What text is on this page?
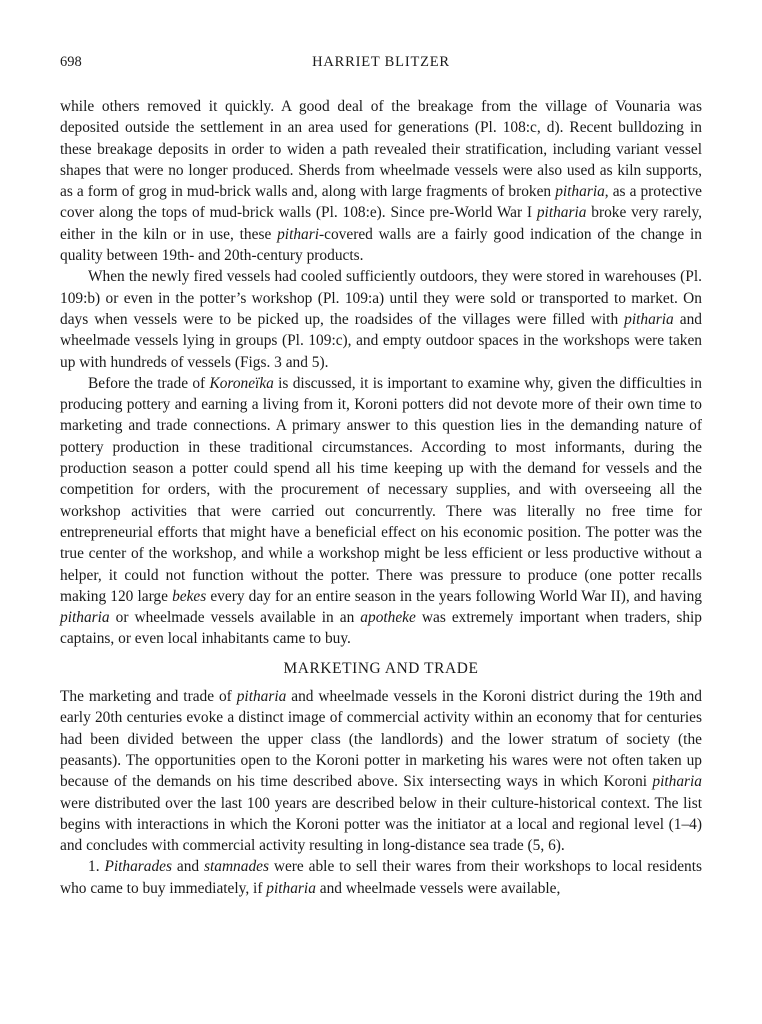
698	HARRIET BLITZER

while others removed it quickly. A good deal of the breakage from the village of Vounaria was deposited outside the settlement in an area used for generations (Pl. 108:c, d). Recent bulldozing in these breakage deposits in order to widen a path revealed their stratification, including variant vessel shapes that were no longer produced. Sherds from wheelmade vessels were also used as kiln supports, as a form of grog in mud-brick walls and, along with large fragments of broken pitharia, as a protective cover along the tops of mud-brick walls (Pl. 108:e). Since pre-World War I pitharia broke very rarely, either in the kiln or in use, these pithari-covered walls are a fairly good indication of the change in quality between 19th- and 20th-century products.

When the newly fired vessels had cooled sufficiently outdoors, they were stored in warehouses (Pl. 109:b) or even in the potter’s workshop (Pl. 109:a) until they were sold or transported to market. On days when vessels were to be picked up, the roadsides of the villages were filled with pitharia and wheelmade vessels lying in groups (Pl. 109:c), and empty outdoor spaces in the workshops were taken up with hundreds of vessels (Figs. 3 and 5).

Before the trade of Koroneïka is discussed, it is important to examine why, given the difficulties in producing pottery and earning a living from it, Koroni potters did not devote more of their own time to marketing and trade connections. A primary answer to this question lies in the demanding nature of pottery production in these traditional circumstances. According to most informants, during the production season a potter could spend all his time keeping up with the demand for vessels and the competition for orders, with the procurement of necessary supplies, and with overseeing all the workshop activities that were carried out concurrently. There was literally no free time for entrepreneurial efforts that might have a beneficial effect on his economic position. The potter was the true center of the workshop, and while a workshop might be less efficient or less productive without a helper, it could not function without the potter. There was pressure to produce (one potter recalls making 120 large bekes every day for an entire season in the years following World War II), and having pitharia or wheelmade vessels available in an apotheke was extremely important when traders, ship captains, or even local inhabitants came to buy.

MARKETING AND TRADE

The marketing and trade of pitharia and wheelmade vessels in the Koroni district during the 19th and early 20th centuries evoke a distinct image of commercial activity within an economy that for centuries had been divided between the upper class (the landlords) and the lower stratum of society (the peasants). The opportunities open to the Koroni potter in marketing his wares were not often taken up because of the demands on his time described above. Six intersecting ways in which Koroni pitharia were distributed over the last 100 years are described below in their culture-historical context. The list begins with interactions in which the Koroni potter was the initiator at a local and regional level (1–4) and concludes with commercial activity resulting in long-distance sea trade (5, 6).

1. Pitharades and stamnades were able to sell their wares from their workshops to local residents who came to buy immediately, if pitharia and wheelmade vessels were available,
